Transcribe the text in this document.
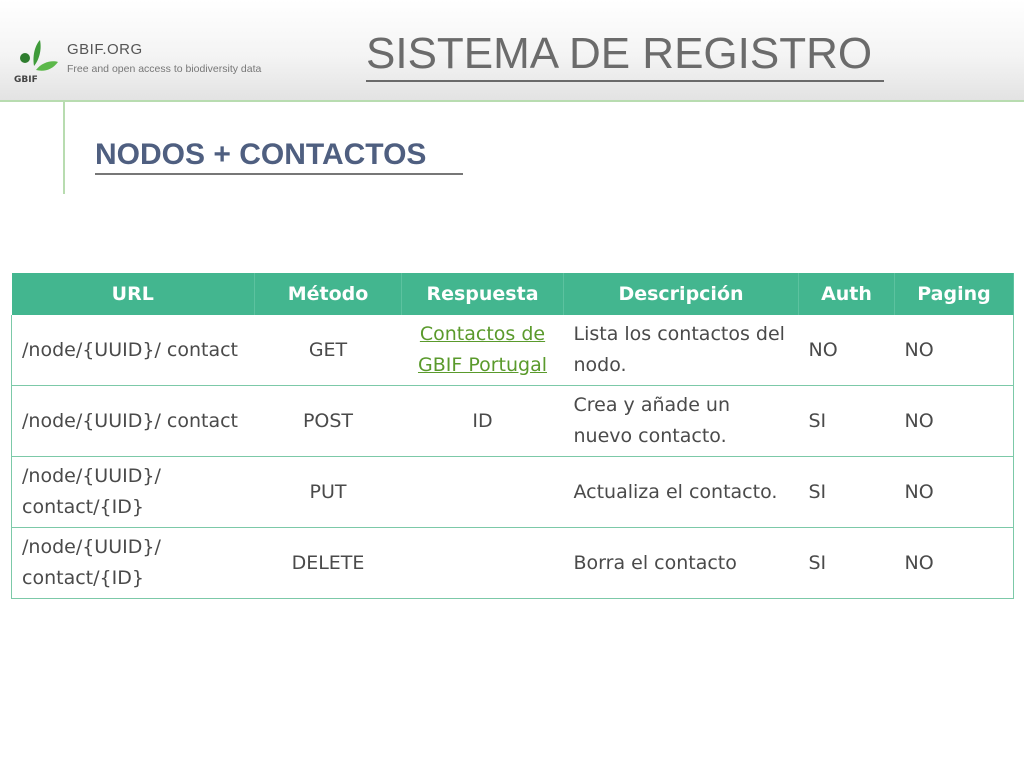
GBIF
GBIF.ORG
Free and open access to biodiversity data SISTEMA DE REGISTRO
NODOS + CONTACTOS
URL	Método	Respuesta	Descripción	Auth	Paging
/node/{UUID}/ contact	GET	Contactos de GBIF Portugal	Lista los contactos del nodo.	NO	NO
/node/{UUID}/ contact	POST	ID	Crea y añade un nuevo contacto.	SI	NO
/node/{UUID}/ contact/{ID}	PUT		Actualiza el contacto.	SI	NO
/node/{UUID}/ contact/{ID}	DELETE		Borra el contacto	SI	NO
